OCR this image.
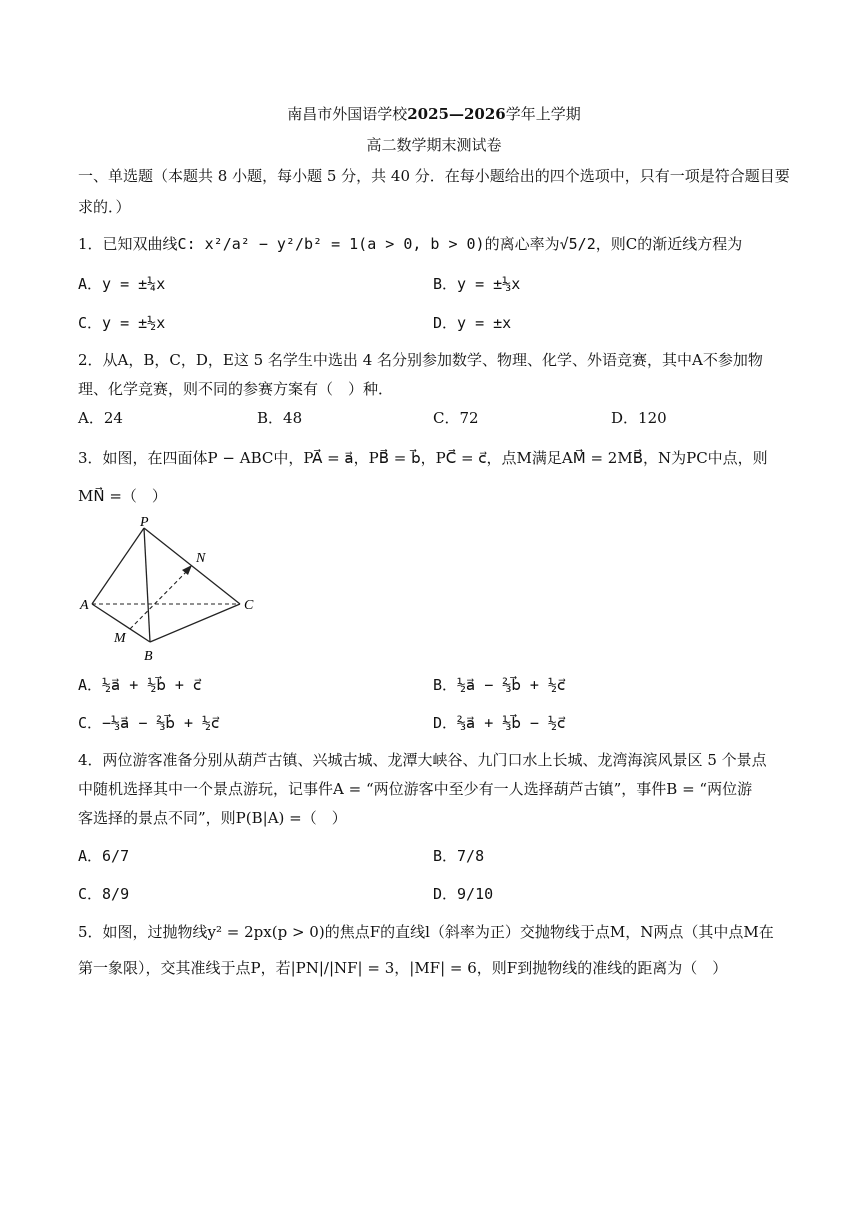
南昌市外国语学校2025—2026学年上学期
高二数学期末测试卷
一、单选题（本题共 8 小题，每小题 5 分，共 40 分．在每小题给出的四个选项中，只有一项是符合题目要
求的．）
1．已知双曲线C: x²/a² − y²/b² = 1(a > 0, b > 0)的离心率为√5/2，则C的渐近线方程为
A．y = ±¼x	B．y = ±⅓x
C．y = ±½x	D．y = ±x
2．从A，B，C，D，E这 5 名学生中选出 4 名分别参加数学、物理、化学、外语竞赛，其中A不参加物
理、化学竞赛，则不同的参赛方案有（　）种．
A．24	B．48	C．72	D．120
3．如图，在四面体P − ABC中，PA⃗ = a⃗，PB⃗ = b⃗，PC⃗ = c⃗，点M满足AM⃗ = 2MB⃗，N为PC中点，则
MN⃗ =（　）
P
N
A	C
M
B
A．½a⃗ + ½b⃗ + c⃗	B．½a⃗ − ⅔b⃗ + ½c⃗
C．−⅓a⃗ − ⅔b⃗ + ½c⃗	D．⅔a⃗ + ⅓b⃗ − ½c⃗
4．两位游客准备分别从葫芦古镇、兴城古城、龙潭大峡谷、九门口水上长城、龙湾海滨风景区 5 个景点
中随机选择其中一个景点游玩，记事件A = “两位游客中至少有一人选择葫芦古镇”，事件B = “两位游
客选择的景点不同”，则P(B|A) =（　）
A．6/7	B．7/8
C．8/9	D．9/10
5．如图，过抛物线y² = 2px(p > 0)的焦点F的直线l（斜率为正）交抛物线于点M，N两点（其中点M在
第一象限），交其准线于点P，若|PN|/|NF| = 3，|MF| = 6，则F到抛物线的准线的距离为（　）
